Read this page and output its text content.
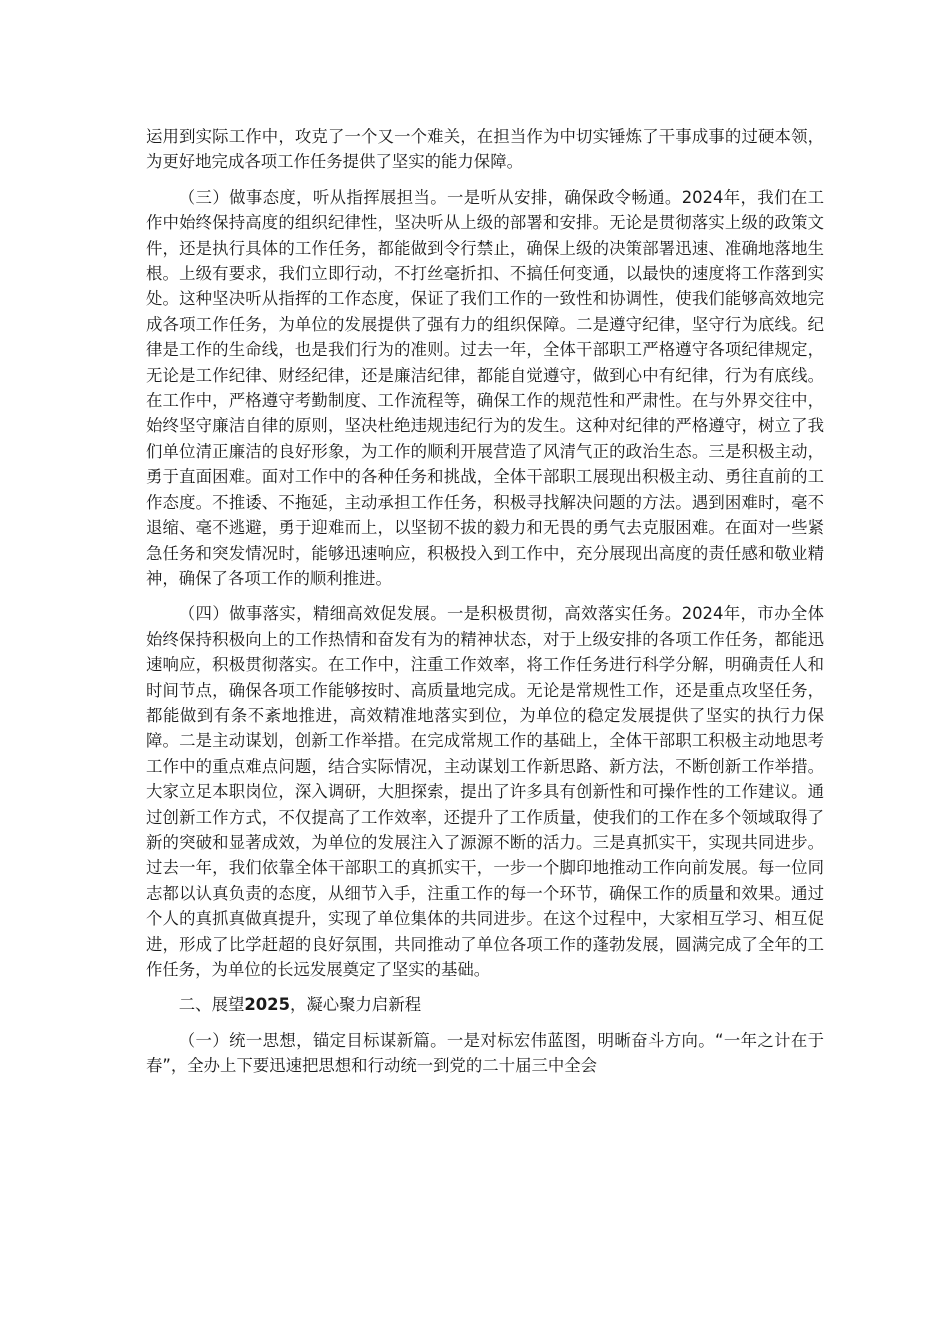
运用到实际工作中，攻克了一个又一个难关，在担当作为中切实锤炼了干事成事的过硬本领，为更好地完成各项工作任务提供了坚实的能力保障。

（三）做事态度，听从指挥展担当。一是听从安排，确保政令畅通。2024年，我们在工作中始终保持高度的组织纪律性，坚决听从上级的部署和安排。无论是贯彻落实上级的政策文件，还是执行具体的工作任务，都能做到令行禁止，确保上级的决策部署迅速、准确地落地生根。上级有要求，我们立即行动，不打丝毫折扣、不搞任何变通，以最快的速度将工作落到实处。这种坚决听从指挥的工作态度，保证了我们工作的一致性和协调性，使我们能够高效地完成各项工作任务，为单位的发展提供了强有力的组织保障。二是遵守纪律，坚守行为底线。纪律是工作的生命线，也是我们行为的准则。过去一年，全体干部职工严格遵守各项纪律规定，无论是工作纪律、财经纪律，还是廉洁纪律，都能自觉遵守，做到心中有纪律，行为有底线。在工作中，严格遵守考勤制度、工作流程等，确保工作的规范性和严肃性。在与外界交往中，始终坚守廉洁自律的原则，坚决杜绝违规违纪行为的发生。这种对纪律的严格遵守，树立了我们单位清正廉洁的良好形象，为工作的顺利开展营造了风清气正的政治生态。三是积极主动，勇于直面困难。面对工作中的各种任务和挑战，全体干部职工展现出积极主动、勇往直前的工作态度。不推诿、不拖延，主动承担工作任务，积极寻找解决问题的方法。遇到困难时，毫不退缩、毫不逃避，勇于迎难而上，以坚韧不拔的毅力和无畏的勇气去克服困难。在面对一些紧急任务和突发情况时，能够迅速响应，积极投入到工作中，充分展现出高度的责任感和敬业精神，确保了各项工作的顺利推进。

（四）做事落实，精细高效促发展。一是积极贯彻，高效落实任务。2024年，市办全体始终保持积极向上的工作热情和奋发有为的精神状态，对于上级安排的各项工作任务，都能迅速响应，积极贯彻落实。在工作中，注重工作效率，将工作任务进行科学分解，明确责任人和时间节点，确保各项工作能够按时、高质量地完成。无论是常规性工作，还是重点攻坚任务，都能做到有条不紊地推进，高效精准地落实到位，为单位的稳定发展提供了坚实的执行力保障。二是主动谋划，创新工作举措。在完成常规工作的基础上，全体干部职工积极主动地思考工作中的重点难点问题，结合实际情况，主动谋划工作新思路、新方法，不断创新工作举措。大家立足本职岗位，深入调研，大胆探索，提出了许多具有创新性和可操作性的工作建议。通过创新工作方式，不仅提高了工作效率，还提升了工作质量，使我们的工作在多个领域取得了新的突破和显著成效，为单位的发展注入了源源不断的活力。三是真抓实干，实现共同进步。过去一年，我们依靠全体干部职工的真抓实干，一步一个脚印地推动工作向前发展。每一位同志都以认真负责的态度，从细节入手，注重工作的每一个环节，确保工作的质量和效果。通过个人的真抓真做真提升，实现了单位集体的共同进步。在这个过程中，大家相互学习、相互促进，形成了比学赶超的良好氛围，共同推动了单位各项工作的蓬勃发展，圆满完成了全年的工作任务，为单位的长远发展奠定了坚实的基础。

二、展望2025，凝心聚力启新程

（一）统一思想，锚定目标谋新篇。一是对标宏伟蓝图，明晰奋斗方向。“一年之计在于春”，全办上下要迅速把思想和行动统一到党的二十届三中全会
